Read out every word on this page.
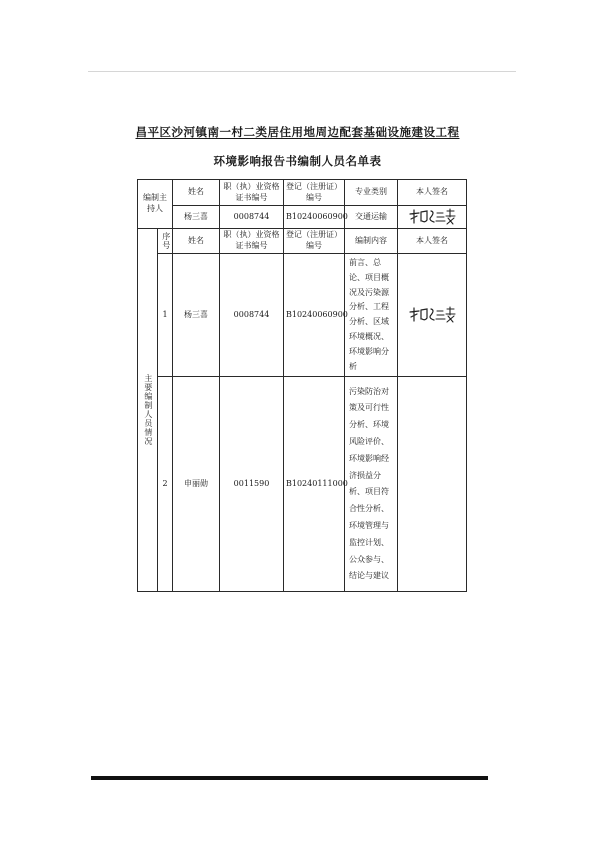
昌平区沙河镇南一村二类居住用地周边配套基础设施建设工程
环境影响报告书编制人员名单表
编制主持人		姓名	职（执）业资格证书编号	登记（注册证）编号	专业类别	本人签名
		杨三喜	0008744	B10240060900	交通运输	

主要编制人员情况	序号	姓名	职（执）业资格证书编号	登记（注册证）编号	编制内容	本人签名
	1	杨三喜	0008744	B10240060900	前言、总论、项目概况及污染源分析、工程分析、区域环境概况、环境影响分析	

	2	申丽勋	0011590	B10240111000	污染防治对策及可行性分析、环境风险评价、环境影响经济损益分析、项目符合性分析、环境管理与监控计划、公众参与、结论与建议	
